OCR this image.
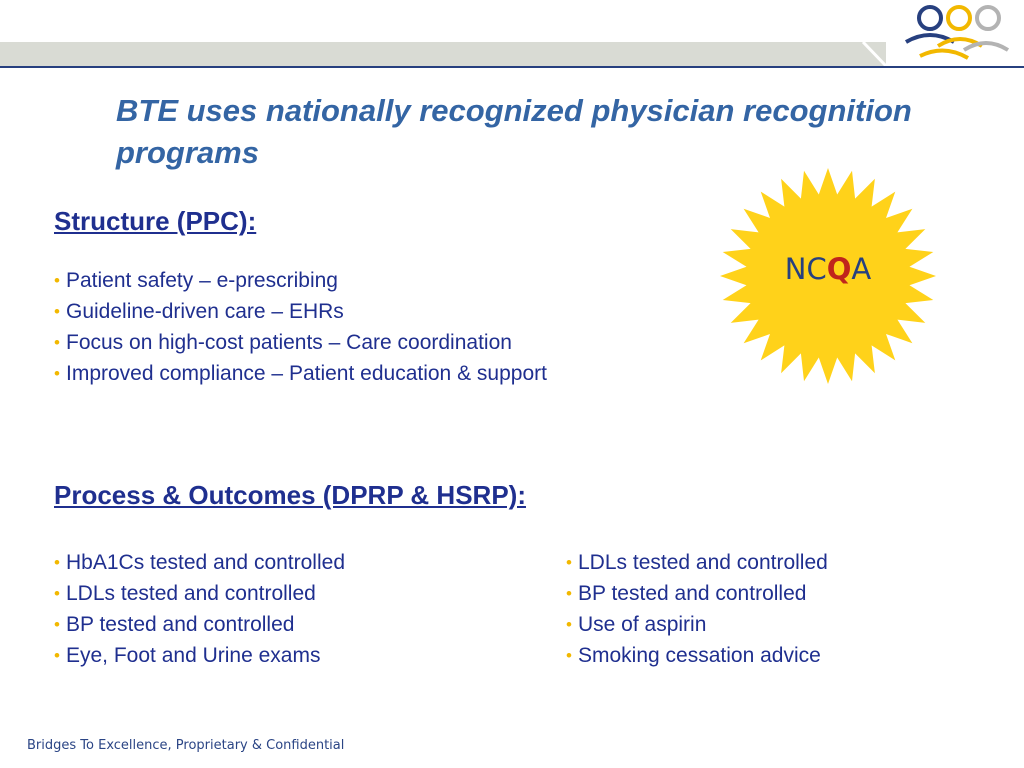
BTE uses nationally recognized physician recognition programs
Structure (PPC):
• Patient safety – e-prescribing
• Guideline-driven care – EHRs
• Focus on high-cost patients – Care coordination
• Improved compliance – Patient education & support
NCQA
Process & Outcomes (DPRP & HSRP):
• HbA1Cs tested and controlled
• LDLs tested and controlled
• BP tested and controlled
• Eye, Foot and Urine exams
• LDLs tested and controlled
• BP tested and controlled
• Use of aspirin
• Smoking cessation advice
Bridges To Excellence, Proprietary & Confidential
